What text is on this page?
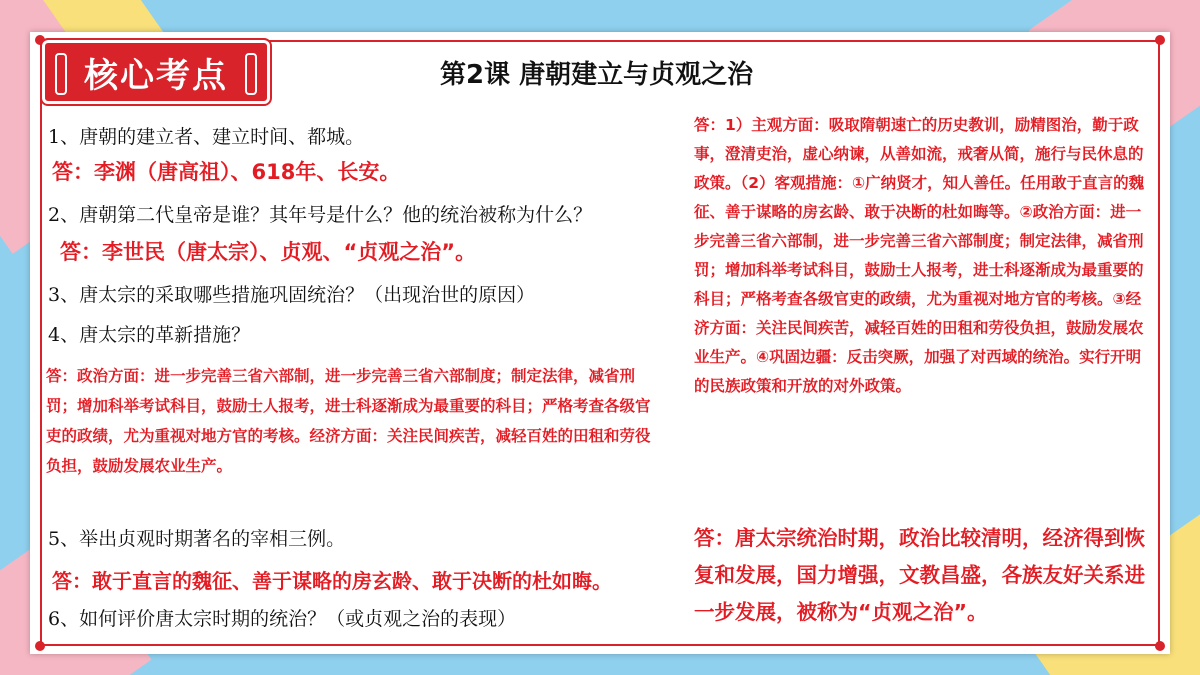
核心考点	第2课 唐朝建立与贞观之治
1、唐朝的建立者、建立时间、都城。
答：李渊（唐高祖）、618年、长安。
2、唐朝第二代皇帝是谁？其年号是什么？他的统治被称为什么？
答：李世民（唐太宗）、贞观、“贞观之治”。
3、唐太宗的采取哪些措施巩固统治？（出现治世的原因）
4、唐太宗的革新措施？
答：政治方面：进一步完善三省六部制，进一步完善三省六部制度；制定法律，减省刑罚；增加科举考试科目，鼓励士人报考，进士科逐渐成为最重要的科目；严格考查各级官吏的政绩，尤为重视对地方官的考核。经济方面：关注民间疾苦，减轻百姓的田租和劳役负担，鼓励发展农业生产。
5、举出贞观时期著名的宰相三例。
答：敢于直言的魏征、善于谋略的房玄龄、敢于决断的杜如晦。
6、如何评价唐太宗时期的统治？（或贞观之治的表现）
答：1）主观方面：吸取隋朝速亡的历史教训，励精图治，勤于政事，澄清吏治，虚心纳谏，从善如流，戒奢从简，施行与民休息的政策。（2）客观措施：①广纳贤才，知人善任。任用敢于直言的魏征、善于谋略的房玄龄、敢于决断的杜如晦等。②政治方面：进一步完善三省六部制，进一步完善三省六部制度；制定法律，减省刑罚；增加科举考试科目，鼓励士人报考，进士科逐渐成为最重要的科目；严格考查各级官吏的政绩，尤为重视对地方官的考核。③经济方面：关注民间疾苦，减轻百姓的田租和劳役负担，鼓励发展农业生产。④巩固边疆：反击突厥，加强了对西域的统治。实行开明的民族政策和开放的对外政策。
答：唐太宗统治时期，政治比较清明，经济得到恢复和发展，国力增强，文教昌盛，各族友好关系进一步发展，被称为“贞观之治”。
